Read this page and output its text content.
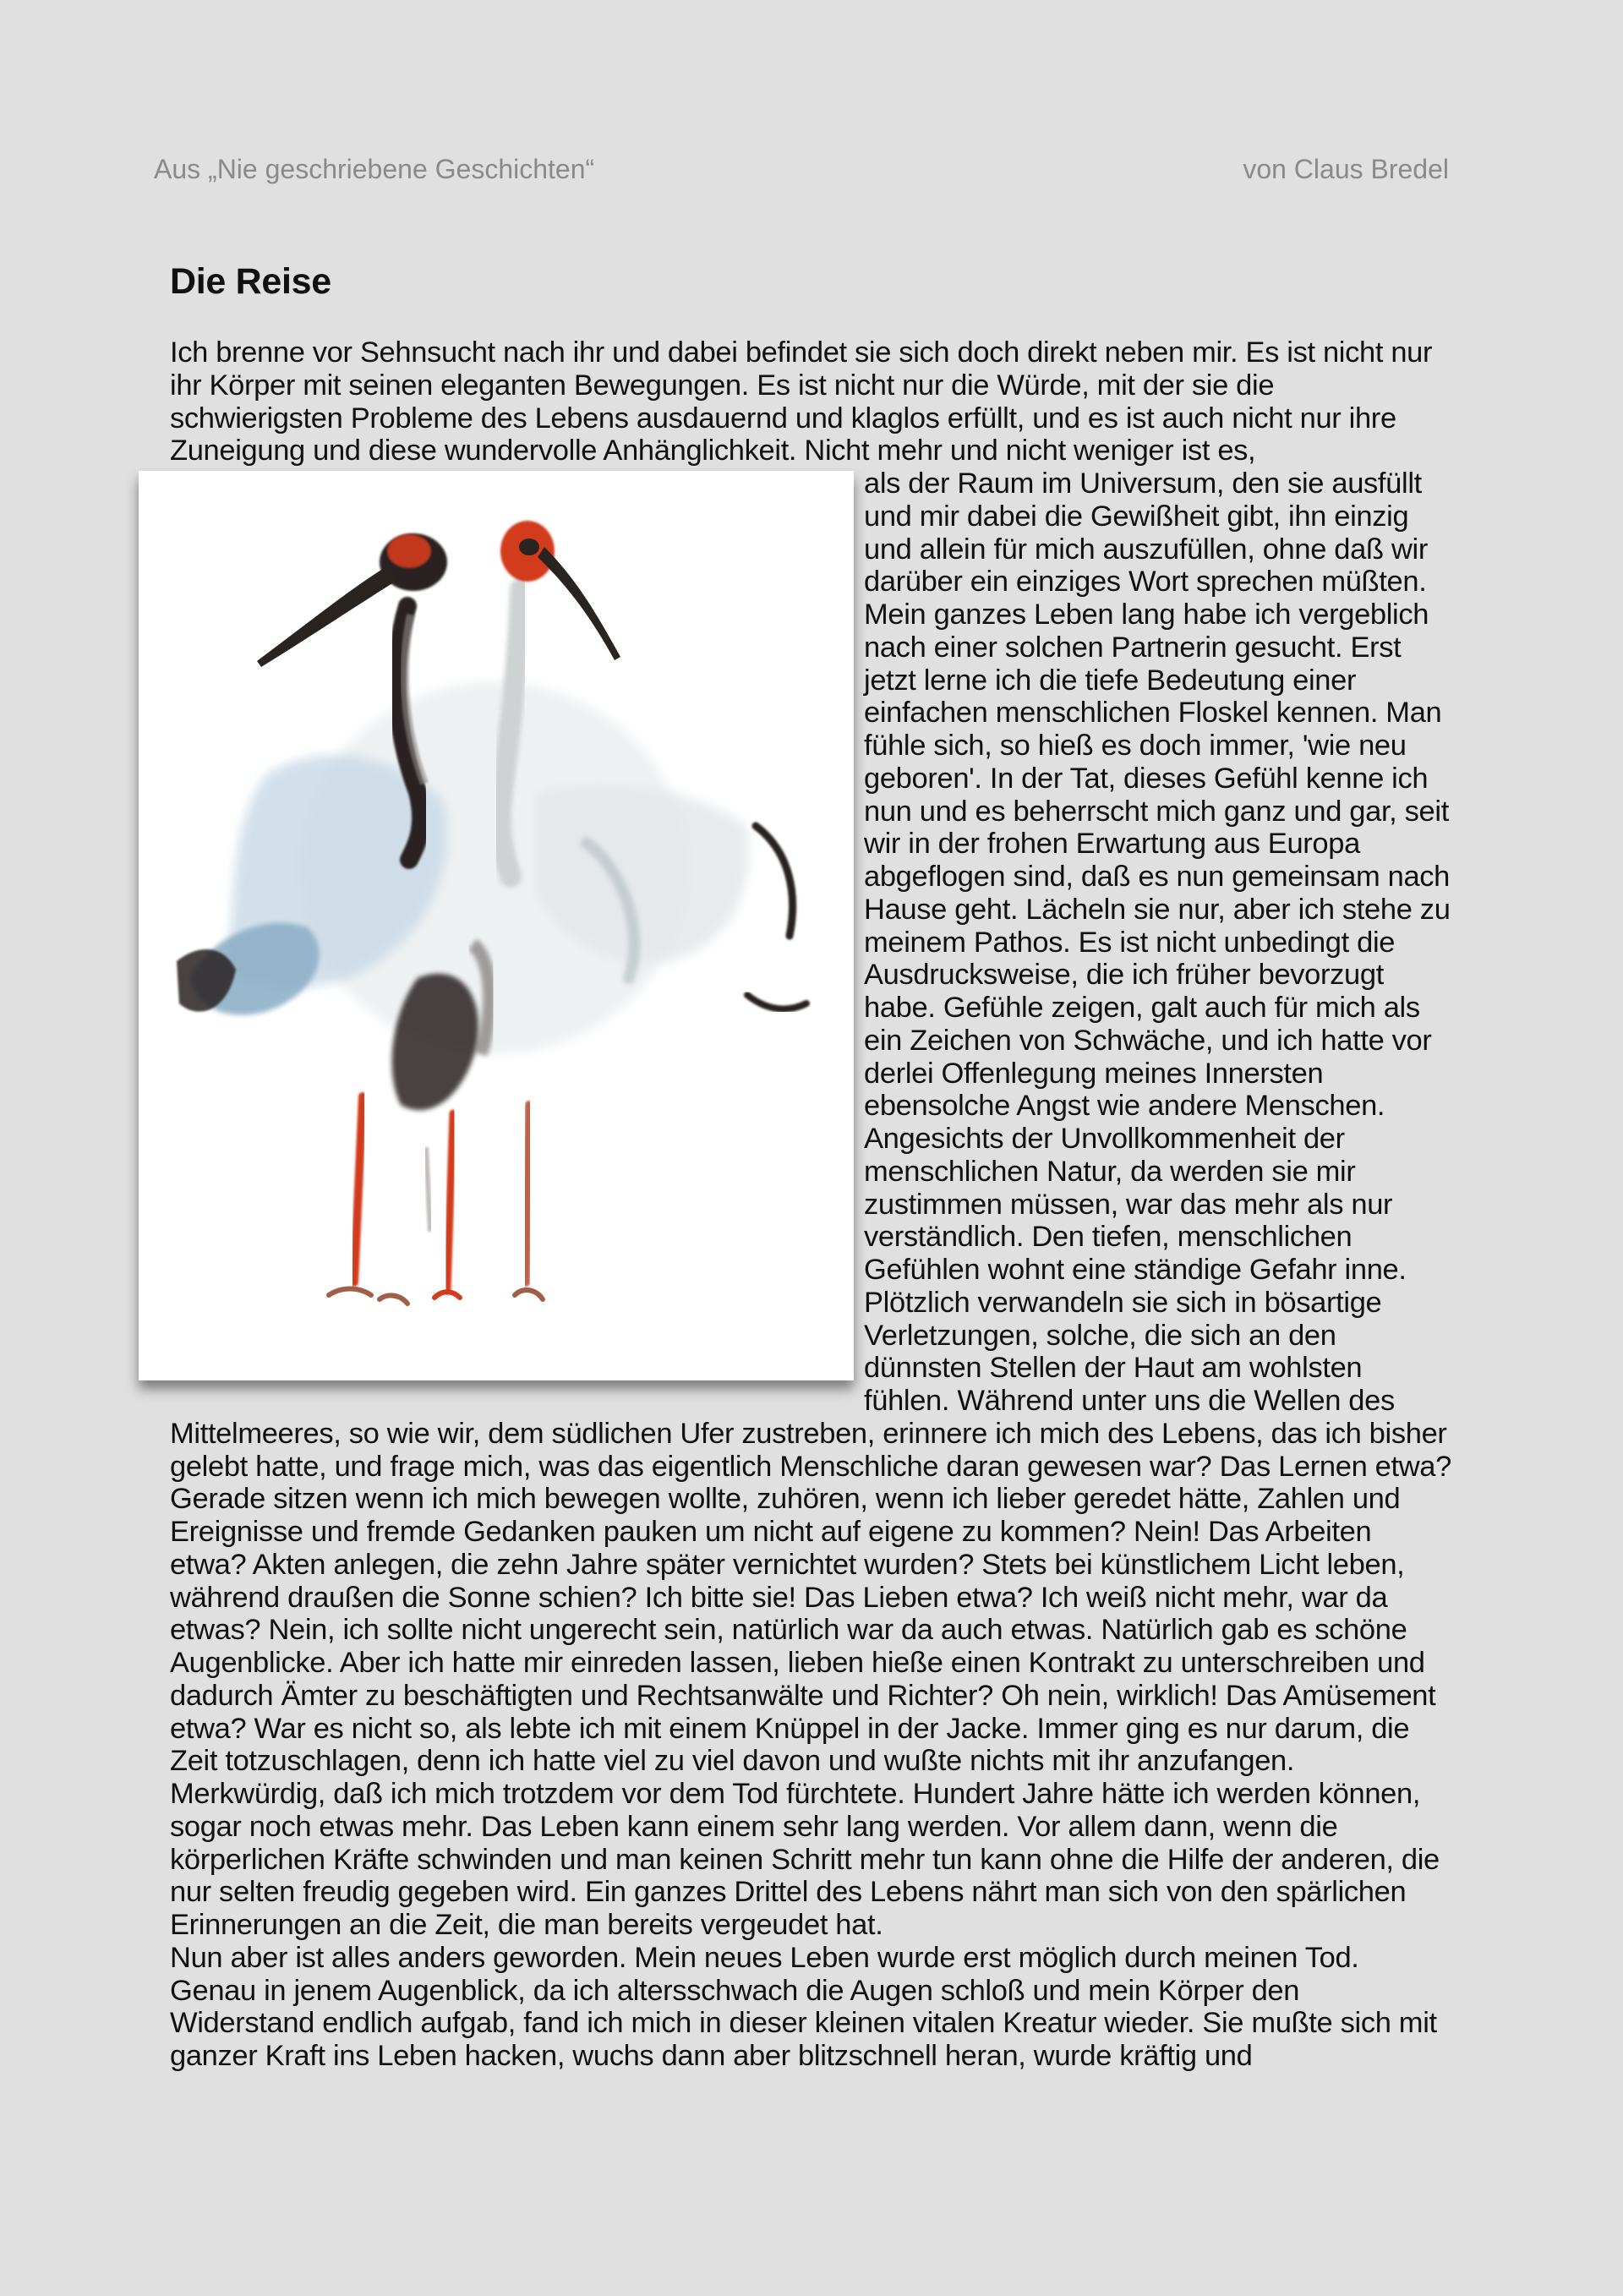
Aus „Nie geschriebene Geschichten“	von Claus Bredel
Die Reise

Ich brenne vor Sehnsucht nach ihr und dabei befindet sie sich doch direkt neben mir. Es ist nicht nur ihr Körper mit seinen eleganten Bewegungen. Es ist nicht nur die Würde, mit der sie die schwierigsten Probleme des Lebens ausdauernd und klaglos erfüllt, und es ist auch nicht nur ihre Zuneigung und diese wundervolle Anhänglichkeit. Nicht mehr und nicht weniger ist es,

als der Raum im Universum, den sie ausfüllt und mir dabei die Gewißheit gibt, ihn einzig und allein für mich auszufüllen, ohne daß wir darüber ein einziges Wort sprechen müßten. Mein ganzes Leben lang habe ich vergeblich nach einer solchen Partnerin gesucht. Erst jetzt lerne ich die tiefe Bedeutung einer einfachen menschlichen Floskel kennen. Man fühle sich, so hieß es doch immer, 'wie neu geboren'. In der Tat, dieses Gefühl kenne ich nun und es beherrscht mich ganz und gar, seit wir in der frohen Erwartung aus Europa abgeflogen sind, daß es nun gemeinsam nach Hause geht. Lächeln sie nur, aber ich stehe zu meinem Pathos. Es ist nicht unbedingt die Ausdrucksweise, die ich früher bevorzugt habe. Gefühle zeigen, galt auch für mich als ein Zeichen von Schwäche, und ich hatte vor derlei Offenlegung meines Innersten ebensolche Angst wie andere Menschen. Angesichts der Unvollkommenheit der menschlichen Natur, da werden sie mir zustimmen müssen, war das mehr als nur verständlich. Den tiefen, menschlichen Gefühlen wohnt eine ständige Gefahr inne. Plötzlich verwandeln sie sich in bösartige Verletzungen, solche, die sich an den dünnsten Stellen der Haut am wohlsten fühlen. Während unter uns die Wellen des Mittelmeeres, so wie wir, dem südlichen Ufer zustreben, erinnere ich mich des Lebens, das ich bisher gelebt hatte, und frage mich, was das eigentlich Menschliche daran gewesen war? Das Lernen etwa? Gerade sitzen wenn ich mich bewegen wollte, zuhören, wenn ich lieber geredet hätte, Zahlen und Ereignisse und fremde Gedanken pauken um nicht auf eigene zu kommen? Nein! Das Arbeiten etwa? Akten anlegen, die zehn Jahre später vernichtet wurden? Stets bei künstlichem Licht leben, während draußen die Sonne schien? Ich bitte sie! Das Lieben etwa? Ich weiß nicht mehr, war da etwas? Nein, ich sollte nicht ungerecht sein, natürlich war da auch etwas. Natürlich gab es schöne Augenblicke. Aber ich hatte mir einreden lassen, lieben hieße einen Kontrakt zu unterschreiben und dadurch Ämter zu beschäftigten und Rechtsanwälte und Richter? Oh nein, wirklich! Das Amüsement etwa? War es nicht so, als lebte ich mit einem Knüppel in der Jacke. Immer ging es nur darum, die Zeit totzuschlagen, denn ich hatte viel zu viel davon und wußte nichts mit ihr anzufangen. Merkwürdig, daß ich mich trotzdem vor dem Tod fürchtete. Hundert Jahre hätte ich werden können, sogar noch etwas mehr. Das Leben kann einem sehr lang werden. Vor allem dann, wenn die körperlichen Kräfte schwinden und man keinen Schritt mehr tun kann ohne die Hilfe der anderen, die nur selten freudig gegeben wird. Ein ganzes Drittel des Lebens nährt man sich von den spärlichen Erinnerungen an die Zeit, die man bereits vergeudet hat.

Nun aber ist alles anders geworden. Mein neues Leben wurde erst möglich durch meinen Tod. Genau in jenem Augenblick, da ich altersschwach die Augen schloß und mein Körper den Widerstand endlich aufgab, fand ich mich in dieser kleinen vitalen Kreatur wieder. Sie mußte sich mit ganzer Kraft ins Leben hacken, wuchs dann aber blitzschnell heran, wurde kräftig und
